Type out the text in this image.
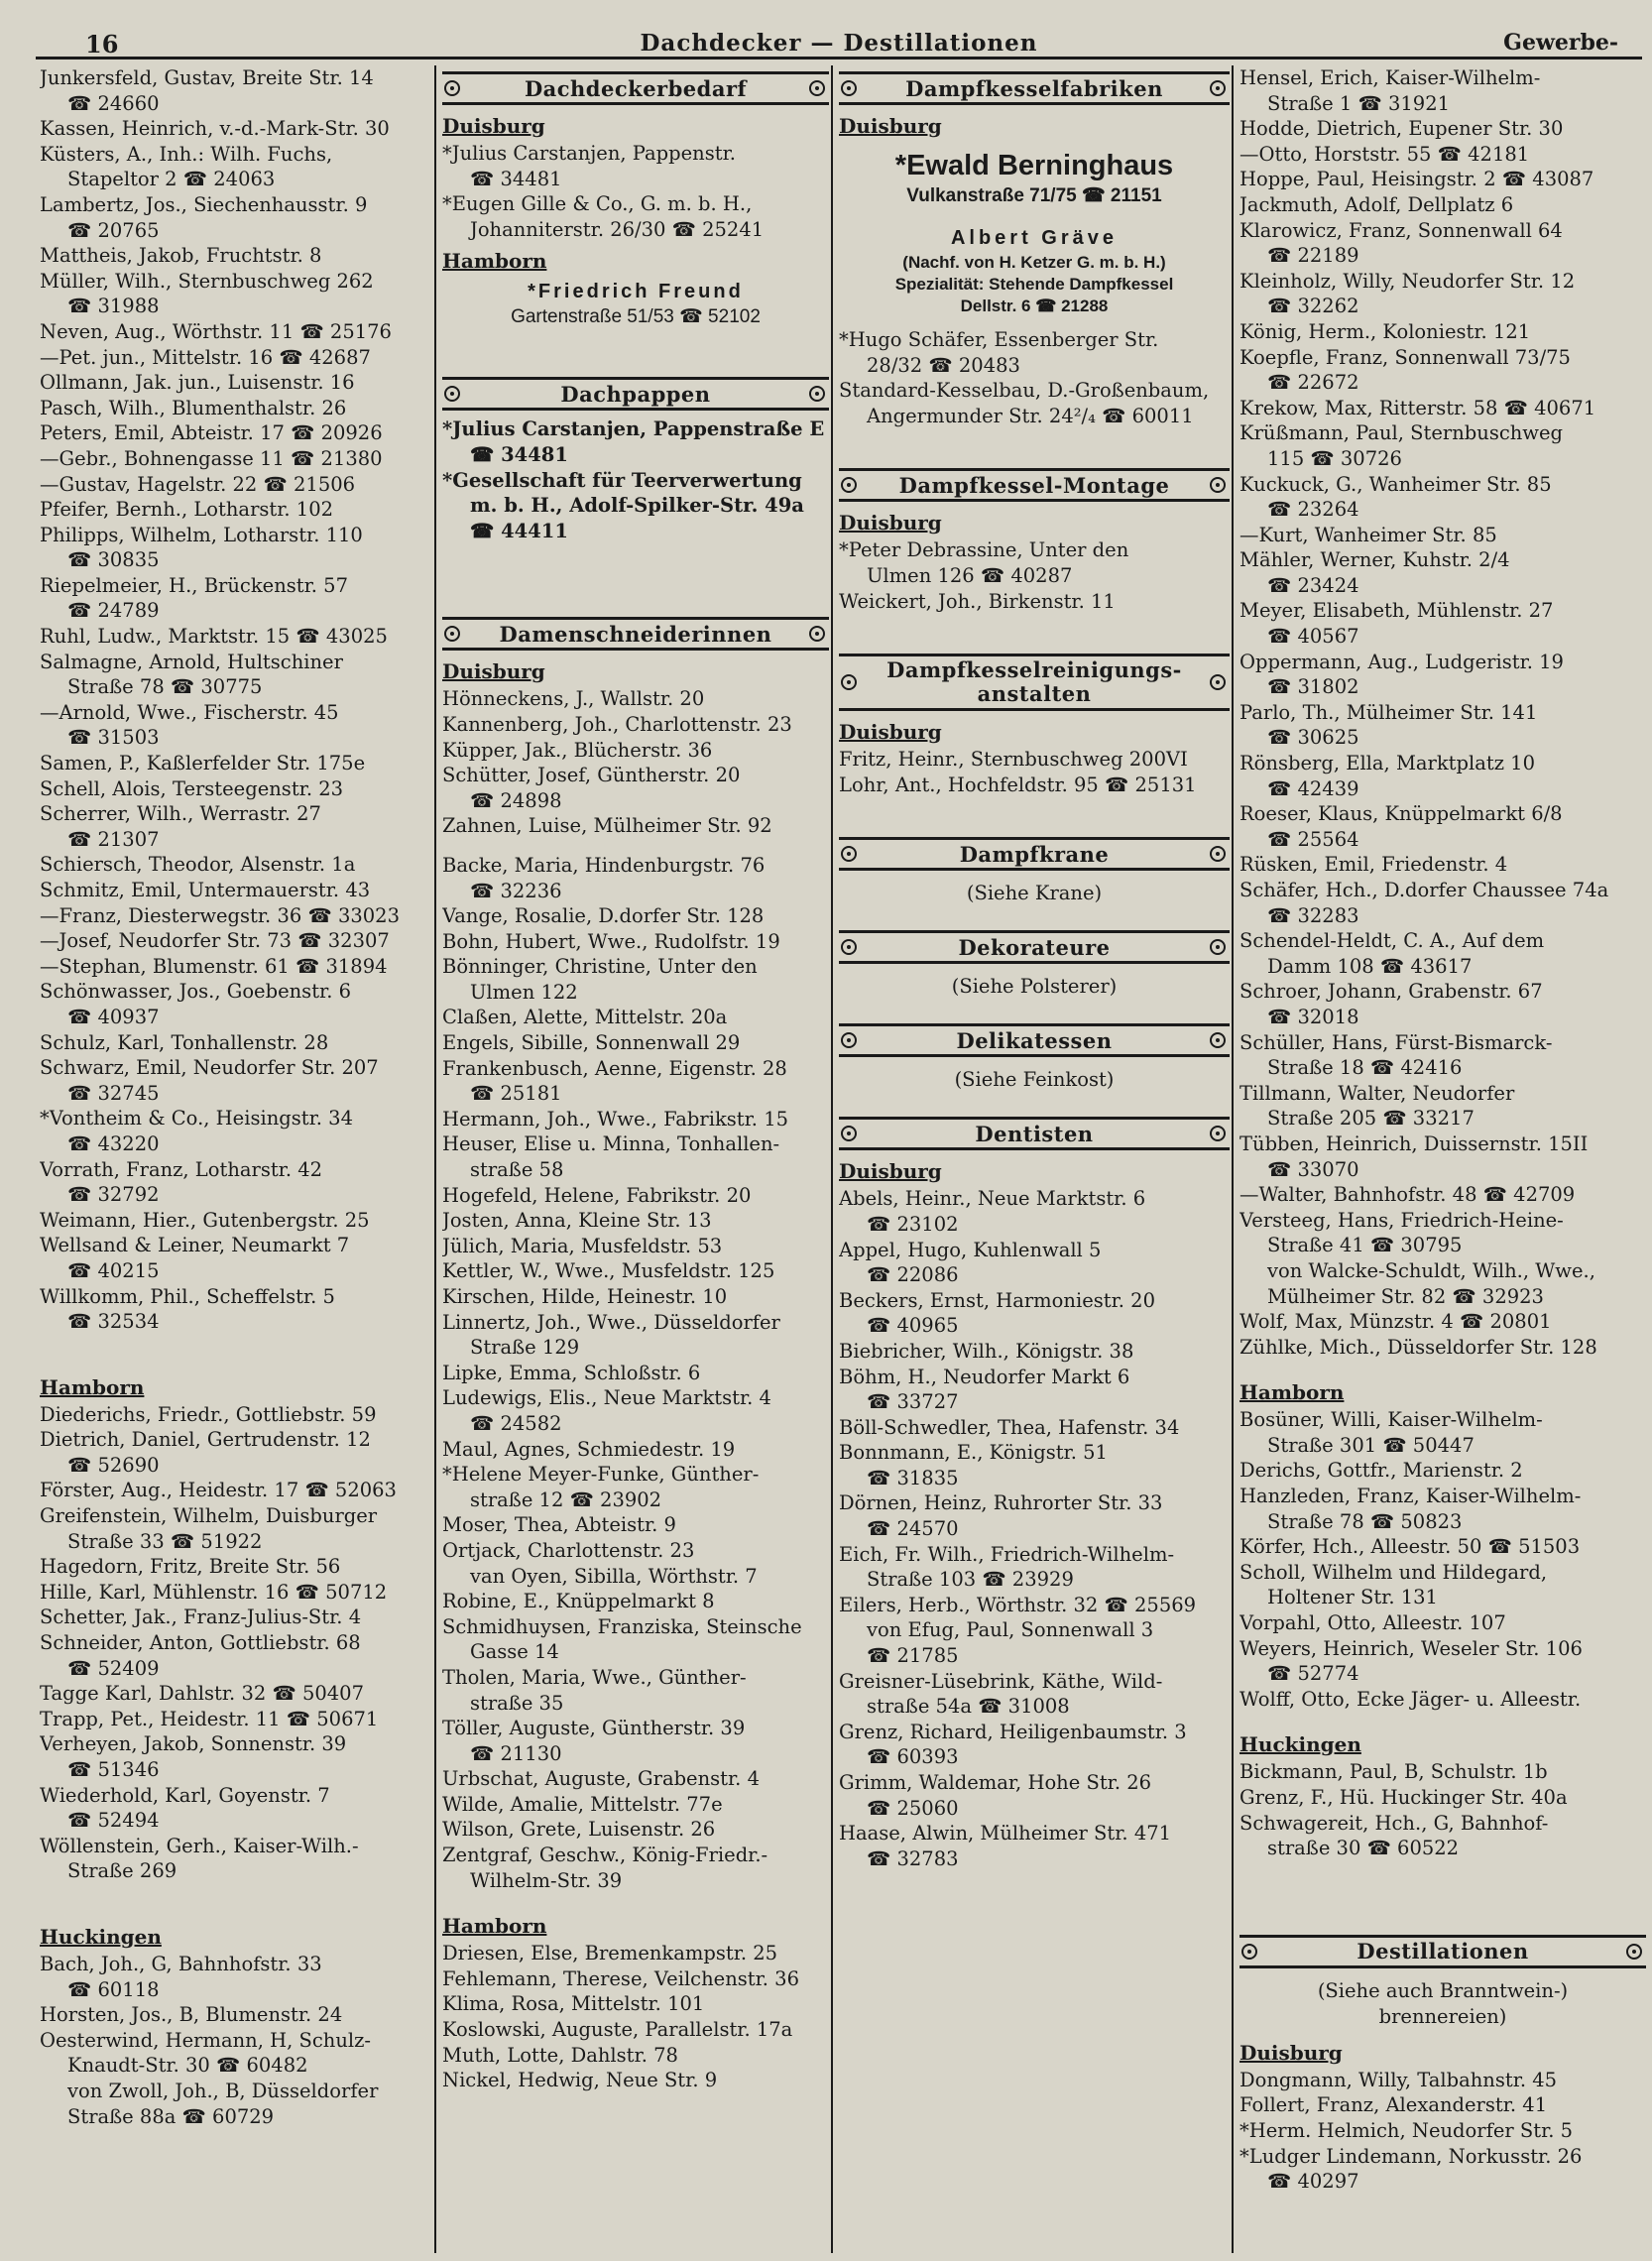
16	Dachdecker — Destillationen	Gewerbe-
Junkersfeld, Gustav, Breite Str. 14
☎ 24660
Kassen, Heinrich, v.-d.-Mark-Str. 30
Küsters, A., Inh.: Wilh. Fuchs,
Stapeltor 2 ☎ 24063
Lambertz, Jos., Siechenhausstr. 9
☎ 20765
Mattheis, Jakob, Fruchtstr. 8
Müller, Wilh., Sternbuschweg 262
☎ 31988
Neven, Aug., Wörthstr. 11 ☎ 25176
—Pet. jun., Mittelstr. 16 ☎ 42687
Ollmann, Jak. jun., Luisenstr. 16
Pasch, Wilh., Blumenthalstr. 26
Peters, Emil, Abteistr. 17 ☎ 20926
—Gebr., Bohnengasse 11 ☎ 21380
—Gustav, Hagelstr. 22 ☎ 21506
Pfeifer, Bernh., Lotharstr. 102
Philipps, Wilhelm, Lotharstr. 110
☎ 30835
Riepelmeier, H., Brückenstr. 57
☎ 24789
Ruhl, Ludw., Marktstr. 15 ☎ 43025
Salmagne, Arnold, Hultschiner
Straße 78 ☎ 30775
—Arnold, Wwe., Fischerstr. 45
☎ 31503
Samen, P., Kaßlerfelder Str. 175e
Schell, Alois, Tersteegenstr. 23
Scherrer, Wilh., Werrastr. 27
☎ 21307
Schiersch, Theodor, Alsenstr. 1a
Schmitz, Emil, Untermauerstr. 43
—Franz, Diesterwegstr. 36 ☎ 33023
—Josef, Neudorfer Str. 73 ☎ 32307
—Stephan, Blumenstr. 61 ☎ 31894
Schönwasser, Jos., Goebenstr. 6
☎ 40937
Schulz, Karl, Tonhallenstr. 28
Schwarz, Emil, Neudorfer Str. 207
☎ 32745
*Vontheim & Co., Heisingstr. 34
☎ 43220
Vorrath, Franz, Lotharstr. 42
☎ 32792
Weimann, Hier., Gutenbergstr. 25
Wellsand & Leiner, Neumarkt 7
☎ 40215
Willkomm, Phil., Scheffelstr. 5
☎ 32534
Hamborn
Diederichs, Friedr., Gottliebstr. 59
Dietrich, Daniel, Gertrudenstr. 12
☎ 52690
Förster, Aug., Heidestr. 17 ☎ 52063
Greifenstein, Wilhelm, Duisburger
Straße 33 ☎ 51922
Hagedorn, Fritz, Breite Str. 56
Hille, Karl, Mühlenstr. 16 ☎ 50712
Schetter, Jak., Franz-Julius-Str. 4
Schneider, Anton, Gottliebstr. 68
☎ 52409
Tagge Karl, Dahlstr. 32 ☎ 50407
Trapp, Pet., Heidestr. 11 ☎ 50671
Verheyen, Jakob, Sonnenstr. 39
☎ 51346
Wiederhold, Karl, Goyenstr. 7
☎ 52494
Wöllenstein, Gerh., Kaiser-Wilh.-
Straße 269
Huckingen
Bach, Joh., G, Bahnhofstr. 33
☎ 60118
Horsten, Jos., B, Blumenstr. 24
Oesterwind, Hermann, H, Schulz-
Knaudt-Str. 30 ☎ 60482
von Zwoll, Joh., B, Düsseldorfer
Straße 88a ☎ 60729
Dachdeckerbedarf
Duisburg
*Julius Carstanjen, Pappenstr.
☎ 34481
*Eugen Gille & Co., G. m. b. H.,
Johanniterstr. 26/30 ☎ 25241
Hamborn
*Friedrich Freund
Gartenstraße 51/53 ☎ 52102
Dachpappen
*Julius Carstanjen, Pappenstraße E
☎ 34481
*Gesellschaft für Teerverwertung
m. b. H., Adolf-Spilker-Str. 49a
☎ 44411
Damenschneiderinnen
Duisburg
Hönneckens, J., Wallstr. 20
Kannenberg, Joh., Charlottenstr. 23
Küpper, Jak., Blücherstr. 36
Schütter, Josef, Güntherstr. 20
☎ 24898
Zahnen, Luise, Mülheimer Str. 92
Backe, Maria, Hindenburgstr. 76
☎ 32236
Vange, Rosalie, D.dorfer Str. 128
Bohn, Hubert, Wwe., Rudolfstr. 19
Bönninger, Christine, Unter den
Ulmen 122
Claßen, Alette, Mittelstr. 20a
Engels, Sibille, Sonnenwall 29
Frankenbusch, Aenne, Eigenstr. 28
☎ 25181
Hermann, Joh., Wwe., Fabrikstr. 15
Heuser, Elise u. Minna, Tonhallen-
straße 58
Hogefeld, Helene, Fabrikstr. 20
Josten, Anna, Kleine Str. 13
Jülich, Maria, Musfeldstr. 53
Kettler, W., Wwe., Musfeldstr. 125
Kirschen, Hilde, Heinestr. 10
Linnertz, Joh., Wwe., Düsseldorfer
Straße 129
Lipke, Emma, Schloßstr. 6
Ludewigs, Elis., Neue Marktstr. 4
☎ 24582
Maul, Agnes, Schmiedestr. 19
*Helene Meyer-Funke, Günther-
straße 12 ☎ 23902
Moser, Thea, Abteistr. 9
Ortjack, Charlottenstr. 23
van Oyen, Sibilla, Wörthstr. 7
Robine, E., Knüppelmarkt 8
Schmidhuysen, Franziska, Steinsche
Gasse 14
Tholen, Maria, Wwe., Günther-
straße 35
Töller, Auguste, Güntherstr. 39
☎ 21130
Urbschat, Auguste, Grabenstr. 4
Wilde, Amalie, Mittelstr. 77e
Wilson, Grete, Luisenstr. 26
Zentgraf, Geschw., König-Friedr.-
Wilhelm-Str. 39
Hamborn
Driesen, Else, Bremenkampstr. 25
Fehlemann, Therese, Veilchenstr. 36
Klima, Rosa, Mittelstr. 101
Koslowski, Auguste, Parallelstr. 17a
Muth, Lotte, Dahlstr. 78
Nickel, Hedwig, Neue Str. 9
Dampfkesselfabriken
Duisburg
*Ewald Berninghaus
Vulkanstraße 71/75 ☎ 21151
Albert Gräve
(Nachf. von H. Ketzer G. m. b. H.)
Spezialität: Stehende Dampfkessel
Dellstr. 6 ☎ 21288
*Hugo Schäfer, Essenberger Str.
28/32 ☎ 20483
Standard-Kesselbau, D.-Großenbaum,
Angermunder Str. 24²/₄ ☎ 60011
Dampfkessel-Montage
Duisburg
*Peter Debrassine, Unter den
Ulmen 126 ☎ 40287
Weickert, Joh., Birkenstr. 11
Dampfkesselreinigungs-
anstalten
Duisburg
Fritz, Heinr., Sternbuschweg 200VI
Lohr, Ant., Hochfeldstr. 95 ☎ 25131
Dampfkrane
(Siehe Krane)
Dekorateure
(Siehe Polsterer)
Delikatessen
(Siehe Feinkost)
Dentisten
Duisburg
Abels, Heinr., Neue Marktstr. 6
☎ 23102
Appel, Hugo, Kuhlenwall 5
☎ 22086
Beckers, Ernst, Harmoniestr. 20
☎ 40965
Biebricher, Wilh., Königstr. 38
Böhm, H., Neudorfer Markt 6
☎ 33727
Böll-Schwedler, Thea, Hafenstr. 34
Bonnmann, E., Königstr. 51
☎ 31835
Dörnen, Heinz, Ruhrorter Str. 33
☎ 24570
Eich, Fr. Wilh., Friedrich-Wilhelm-
Straße 103 ☎ 23929
Eilers, Herb., Wörthstr. 32 ☎ 25569
von Efug, Paul, Sonnenwall 3
☎ 21785
Greisner-Lüsebrink, Käthe, Wild-
straße 54a ☎ 31008
Grenz, Richard, Heiligenbaumstr. 3
☎ 60393
Grimm, Waldemar, Hohe Str. 26
☎ 25060
Haase, Alwin, Mülheimer Str. 471
☎ 32783
Hensel, Erich, Kaiser-Wilhelm-
Straße 1 ☎ 31921
Hodde, Dietrich, Eupener Str. 30
—Otto, Horststr. 55 ☎ 42181
Hoppe, Paul, Heisingstr. 2 ☎ 43087
Jackmuth, Adolf, Dellplatz 6
Klarowicz, Franz, Sonnenwall 64
☎ 22189
Kleinholz, Willy, Neudorfer Str. 12
☎ 32262
König, Herm., Koloniestr. 121
Koepfle, Franz, Sonnenwall 73/75
☎ 22672
Krekow, Max, Ritterstr. 58 ☎ 40671
Krüßmann, Paul, Sternbuschweg
115 ☎ 30726
Kuckuck, G., Wanheimer Str. 85
☎ 23264
—Kurt, Wanheimer Str. 85
Mähler, Werner, Kuhstr. 2/4
☎ 23424
Meyer, Elisabeth, Mühlenstr. 27
☎ 40567
Oppermann, Aug., Ludgeristr. 19
☎ 31802
Parlo, Th., Mülheimer Str. 141
☎ 30625
Rönsberg, Ella, Marktplatz 10
☎ 42439
Roeser, Klaus, Knüppelmarkt 6/8
☎ 25564
Rüsken, Emil, Friedenstr. 4
Schäfer, Hch., D.dorfer Chaussee 74a
☎ 32283
Schendel-Heldt, C. A., Auf dem
Damm 108 ☎ 43617
Schroer, Johann, Grabenstr. 67
☎ 32018
Schüller, Hans, Fürst-Bismarck-
Straße 18 ☎ 42416
Tillmann, Walter, Neudorfer
Straße 205 ☎ 33217
Tübben, Heinrich, Duissernstr. 15II
☎ 33070
—Walter, Bahnhofstr. 48 ☎ 42709
Versteeg, Hans, Friedrich-Heine-
Straße 41 ☎ 30795
von Walcke-Schuldt, Wilh., Wwe.,
Mülheimer Str. 82 ☎ 32923
Wolf, Max, Münzstr. 4 ☎ 20801
Zühlke, Mich., Düsseldorfer Str. 128
Hamborn
Bosüner, Willi, Kaiser-Wilhelm-
Straße 301 ☎ 50447
Derichs, Gottfr., Marienstr. 2
Hanzleden, Franz, Kaiser-Wilhelm-
Straße 78 ☎ 50823
Körfer, Hch., Alleestr. 50 ☎ 51503
Scholl, Wilhelm und Hildegard,
Holtener Str. 131
Vorpahl, Otto, Alleestr. 107
Weyers, Heinrich, Weseler Str. 106
☎ 52774
Wolff, Otto, Ecke Jäger- u. Alleestr.
Huckingen
Bickmann, Paul, B, Schulstr. 1b
Grenz, F., Hü. Huckinger Str. 40a
Schwagereit, Hch., G, Bahnhof-
straße 30 ☎ 60522
Destillationen
(Siehe auch Branntwein-)
brennereien)
Duisburg
Dongmann, Willy, Talbahnstr. 45
Follert, Franz, Alexanderstr. 41
*Herm. Helmich, Neudorfer Str. 5
*Ludger Lindemann, Norkusstr. 26
☎ 40297
